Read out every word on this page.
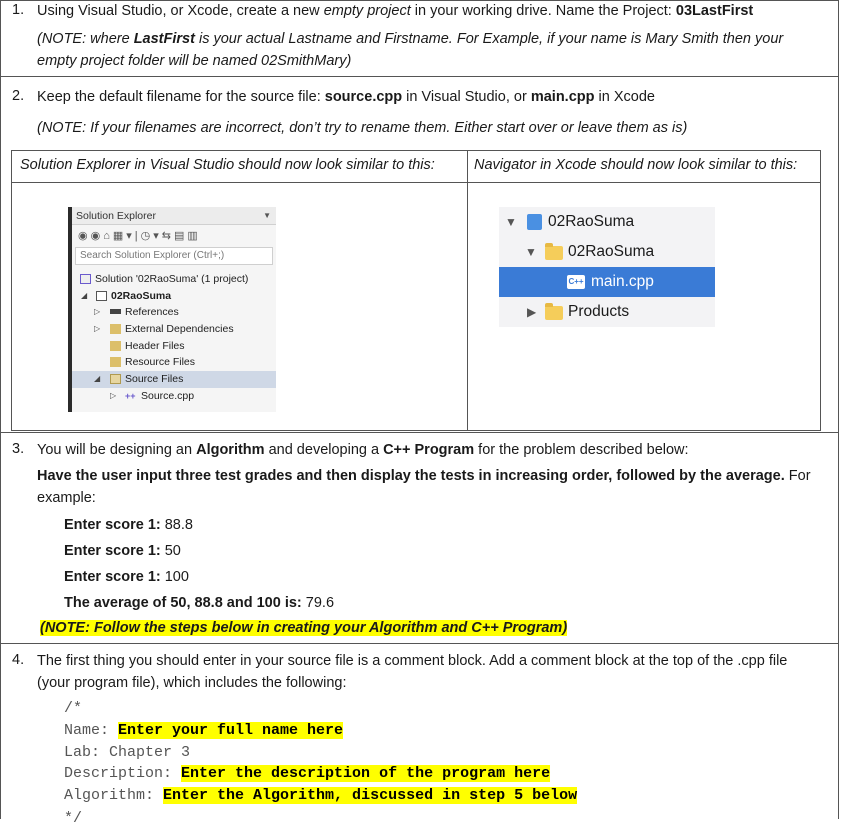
1. Using Visual Studio, or Xcode, create a new empty project in your working drive. Name the Project: 03LastFirst
(NOTE: where LastFirst is your actual Lastname and Firstname. For Example, if your name is Mary Smith then your
empty project folder will be named 02SmithMary)
2. Keep the default filename for the source file: source.cpp in Visual Studio, or main.cpp in Xcode
(NOTE: If your filenames are incorrect, don’t try to rename them. Either start over or leave them as is)
Solution Explorer in Visual Studio should now look similar to this:	Navigator in Xcode should now look similar to this:
Solution Explorer	▼
◉◉⌂▦▾|◷▾⇆▤▥
Search Solution Explorer (Ctrl+;)
Solution '02RaoSuma' (1 project)
◢ 02RaoSuma
▷ References
▷ External Dependencies
Header Files
Resource Files
◢ Source Files
▷ ++ Source.cpp
▼ 02RaoSuma
▼ 02RaoSuma
C++ main.cpp
▶ Products
3. You will be designing an Algorithm and developing a C++ Program for the problem described below:
Have the user input three test grades and then display the tests in increasing order, followed by the average. For
example:
Enter score 1: 88.8
Enter score 1: 50
Enter score 1: 100
The average of 50, 88.8 and 100 is: 79.6
(NOTE: Follow the steps below in creating your Algorithm and C++ Program)
4. The first thing you should enter in your source file is a comment block. Add a comment block at the top of the .cpp file
(your program file), which includes the following:
/*
Name: Enter your full name here
Lab: Chapter 3
Description: Enter the description of the program here
Algorithm: Enter the Algorithm, discussed in step 5 below
*/
